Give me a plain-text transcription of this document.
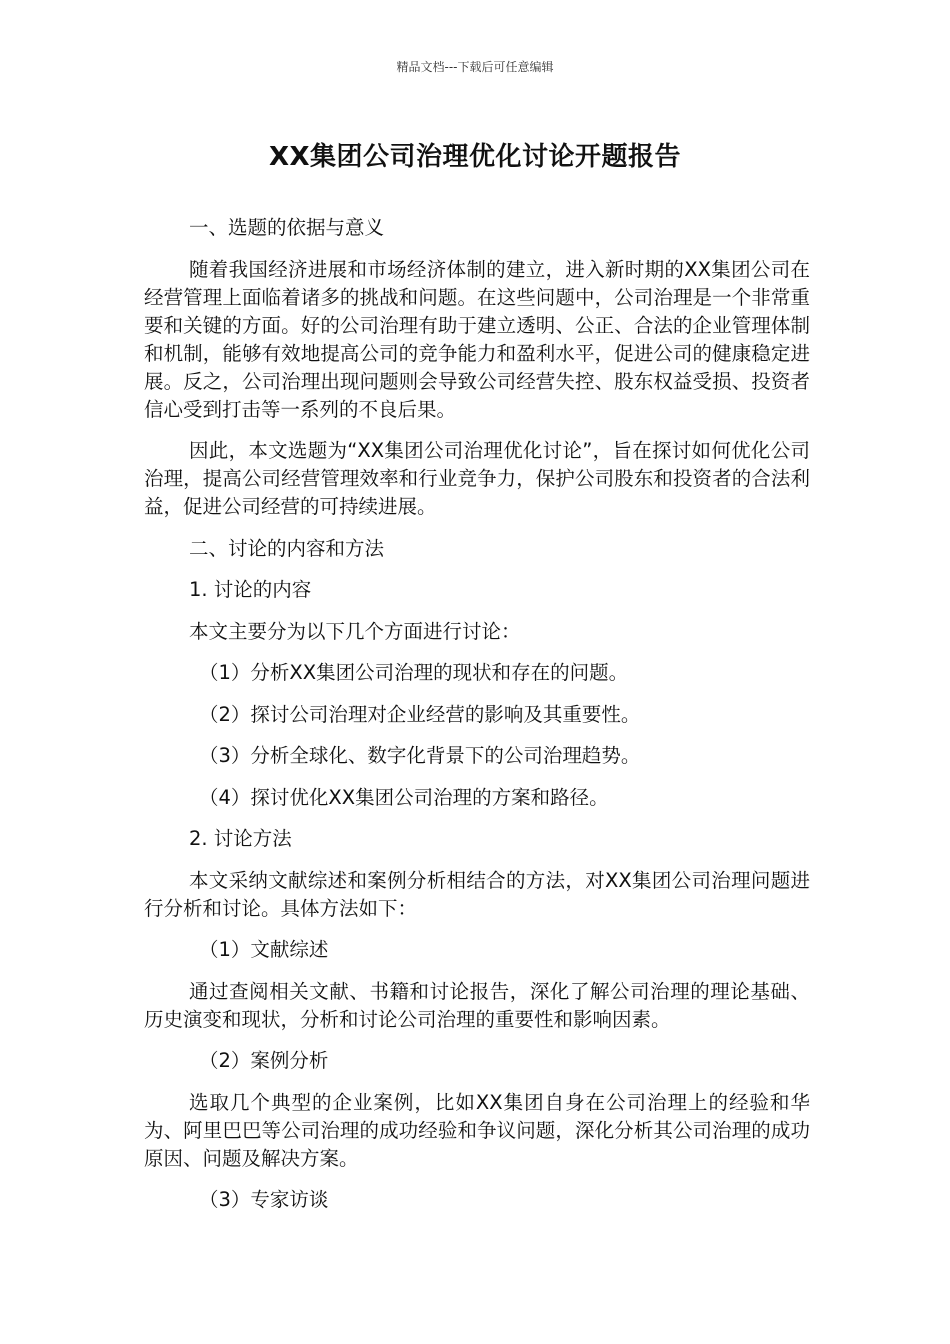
精品文档---下载后可任意编辑
XX集团公司治理优化讨论开题报告

一、选题的依据与意义

随着我国经济进展和市场经济体制的建立，进入新时期的XX集团公司在经营管理上面临着诸多的挑战和问题。在这些问题中，公司治理是一个非常重要和关键的方面。好的公司治理有助于建立透明、公正、合法的企业管理体制和机制，能够有效地提高公司的竞争能力和盈利水平，促进公司的健康稳定进展。反之，公司治理出现问题则会导致公司经营失控、股东权益受损、投资者信心受到打击等一系列的不良后果。

因此，本文选题为“XX集团公司治理优化讨论”，旨在探讨如何优化公司治理，提高公司经营管理效率和行业竞争力，保护公司股东和投资者的合法利益，促进公司经营的可持续进展。

二、讨论的内容和方法

1. 讨论的内容

本文主要分为以下几个方面进行讨论：

（1）分析XX集团公司治理的现状和存在的问题。

（2）探讨公司治理对企业经营的影响及其重要性。

（3）分析全球化、数字化背景下的公司治理趋势。

（4）探讨优化XX集团公司治理的方案和路径。

2. 讨论方法

本文采纳文献综述和案例分析相结合的方法，对XX集团公司治理问题进行分析和讨论。具体方法如下：

（1）文献综述

通过查阅相关文献、书籍和讨论报告，深化了解公司治理的理论基础、历史演变和现状，分析和讨论公司治理的重要性和影响因素。

（2）案例分析

选取几个典型的企业案例，比如XX集团自身在公司治理上的经验和华为、阿里巴巴等公司治理的成功经验和争议问题，深化分析其公司治理的成功原因、问题及解决方案。

（3）专家访谈
